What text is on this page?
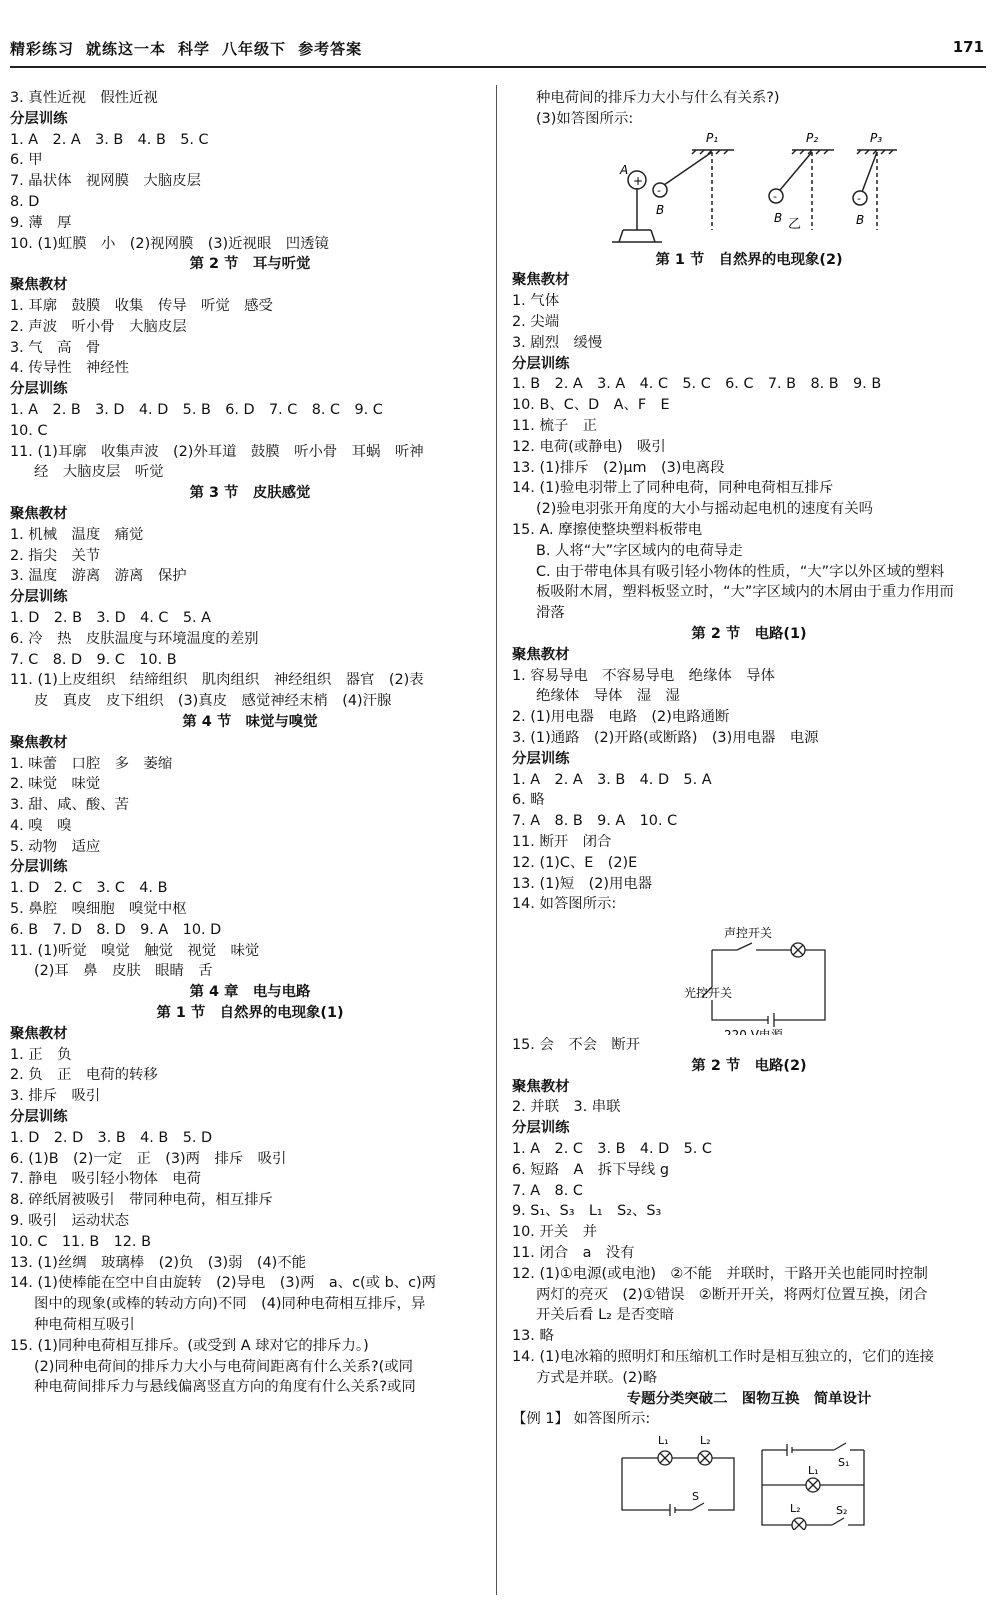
精彩练习 就练这一本 科学 八年级下 参考答案	171
3. 真性近视　假性近视
分层训练
1. A　2. A　3. B　4. B　5. C
6. 甲
7. 晶状体　视网膜　大脑皮层
8. D
9. 薄　厚
10. (1)虹膜　小　(2)视网膜　(3)近视眼　凹透镜
第 2 节　耳与听觉
聚焦教材
1. 耳廓　鼓膜　收集　传导　听觉　感受
2. 声波　听小骨　大脑皮层
3. 气　高　骨
4. 传导性　神经性
分层训练
1. A　2. B　3. D　4. D　5. B　6. D　7. C　8. C　9. C
10. C
11. (1)耳廓　收集声波　(2)外耳道　鼓膜　听小骨　耳蜗　听神
经　大脑皮层　听觉
第 3 节　皮肤感觉
聚焦教材
1. 机械　温度　痛觉
2. 指尖　关节
3. 温度　游离　游离　保护
分层训练
1. D　2. B　3. D　4. C　5. A
6. 冷　热　皮肤温度与环境温度的差别
7. C　8. D　9. C　10. B
11. (1)上皮组织　结缔组织　肌肉组织　神经组织　器官　(2)表
皮　真皮　皮下组织　(3)真皮　感觉神经末梢　(4)汗腺
第 4 节　味觉与嗅觉
聚焦教材
1. 味蕾　口腔　多　萎缩
2. 味觉　味觉
3. 甜、咸、酸、苦
4. 嗅　嗅
5. 动物　适应
分层训练
1. D　2. C　3. C　4. B
5. 鼻腔　嗅细胞　嗅觉中枢
6. B　7. D　8. D　9. A　10. D
11. (1)听觉　嗅觉　触觉　视觉　味觉
(2)耳　鼻　皮肤　眼睛　舌
第 4 章　电与电路
第 1 节　自然界的电现象(1)
聚焦教材
1. 正　负
2. 负　正　电荷的转移
3. 排斥　吸引
分层训练
1. D　2. D　3. B　4. B　5. D
6. (1)B　(2)一定　正　(3)两　排斥　吸引
7. 静电　吸引轻小物体　电荷
8. 碎纸屑被吸引　带同种电荷，相互排斥
9. 吸引　运动状态
10. C　11. B　12. B
13. (1)丝绸　玻璃棒　(2)负　(3)弱　(4)不能
14. (1)使棒能在空中自由旋转　(2)导电　(3)两　a、c(或 b、c)两
图中的现象(或棒的转动方向)不同　(4)同种电荷相互排斥，异
种电荷相互吸引
15. (1)同种电荷相互排斥。(或受到 A 球对它的排斥力。)
(2)同种电荷间的排斥力大小与电荷间距离有什么关系?(或同
种电荷间排斥力与悬线偏离竖直方向的角度有什么关系?或同
种电荷间的排斥力大小与什么有关系?)
(3)如答图所示:
A
+
-
B
P₁
-
B
P₂
乙
-
B
P₃
第 1 节　自然界的电现象(2)
聚焦教材
1. 气体
2. 尖端
3. 剧烈　缓慢
分层训练
1. B　2. A　3. A　4. C　5. C　6. C　7. B　8. B　9. B
10. B、C、D　A、F　E
11. 梳子　正
12. 电荷(或静电)　吸引
13. (1)排斥　(2)μm　(3)电离段
14. (1)验电羽带上了同种电荷，同种电荷相互排斥
(2)验电羽张开角度的大小与摇动起电机的速度有关吗
15. A. 摩擦使整块塑料板带电
B. 人将“大”字区域内的电荷导走
C. 由于带电体具有吸引轻小物体的性质，“大”字以外区域的塑料
板吸附木屑，塑料板竖立时，“大”字区域内的木屑由于重力作用而
滑落
第 2 节　电路(1)
聚焦教材
1. 容易导电　不容易导电　绝缘体　导体
绝缘体　导体　湿　湿
2. (1)用电器　电路　(2)电路通断
3. (1)通路　(2)开路(或断路)　(3)用电器　电源
分层训练
1. A　2. A　3. B　4. D　5. A
6. 略
7. A　8. B　9. A　10. C
11. 断开　闭合
12. (1)C、E　(2)E
13. (1)短　(2)用电器
14. 如答图所示:
声控开关
光控开关
220 V电源
15. 会　不会　断开
第 2 节　电路(2)
聚焦教材
2. 并联　3. 串联
分层训练
1. A　2. C　3. B　4. D　5. C
6. 短路　A　拆下导线 g
7. A　8. C
9. S₁、S₃　L₁　S₂、S₃
10. 开关　并
11. 闭合　a　没有
12. (1)①电源(或电池)　②不能　并联时，干路开关也能同时控制
两灯的亮灭　(2)①错误　②断开开关，将两灯位置互换，闭合
开关后看 L₂ 是否变暗
13. 略
14. (1)电冰箱的照明灯和压缩机工作时是相互独立的，它们的连接
方式是并联。(2)略
专题分类突破二　图物互换　简单设计
【例 1】 如答图所示:
L₁	L₂
S
S₁
L₁
L₂	S₂
